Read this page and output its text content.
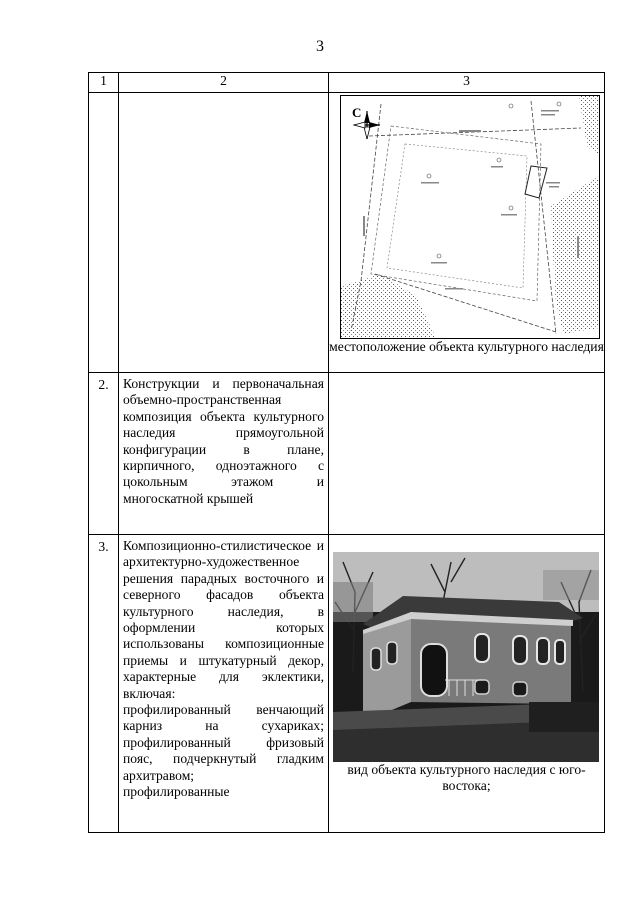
3
1	2	3

С
местоположение объекта культурного наследия

2.	Конструкции и первоначальная объемно-пространственная композиция объекта культурного наследия прямоугольной конфигурации в плане, кирпичного, одноэтажного с цокольным этажом и многоскатной крышей	

3.	Композиционно-стилистическое и архитектурно-художественное решения парадных восточного и северного фасадов объекта культурного наследия, в оформлении которых использованы композиционные приемы и штукатурный декор, характерные для эклектики, включая:
профилированный венчающий карниз на сухариках;
профилированный фризовый пояс, подчеркнутый гладким архитравом;
профилированные	вид объекта культурного наследия с юго-востока;
